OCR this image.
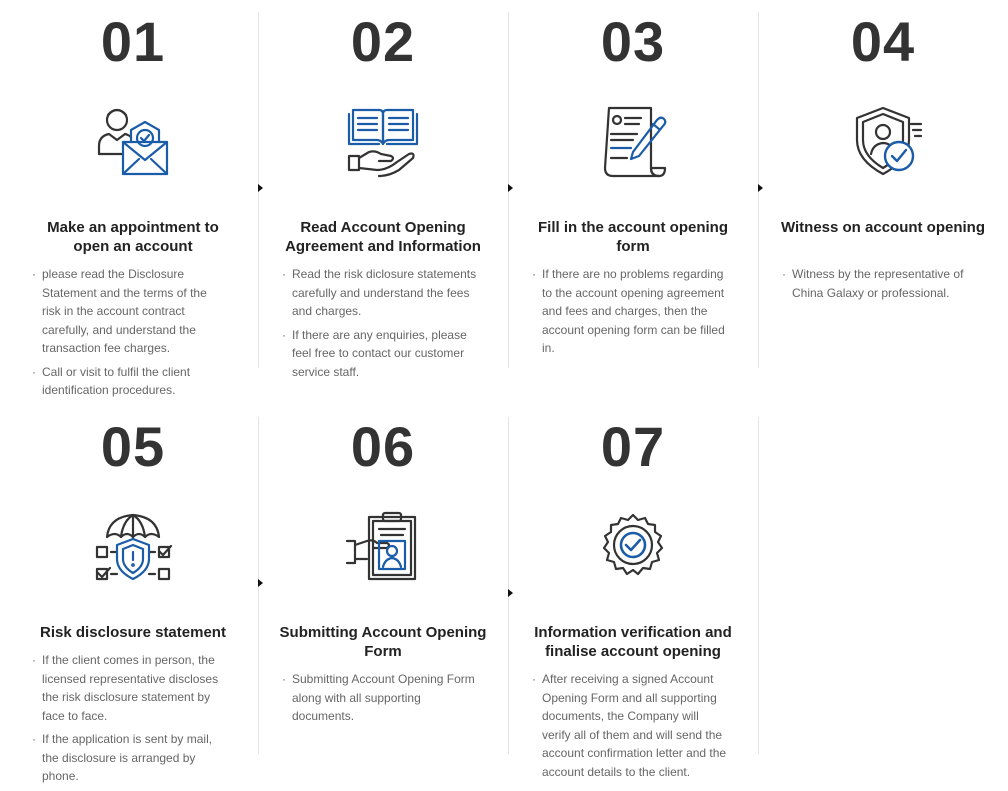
01
Make an appointment to open an account
· please read the Disclosure Statement and the terms of the risk in the account contract carefully, and understand the transaction fee charges.
· Call or visit to fulfil the client identification procedures.
02
Read Account Opening Agreement and Information
· Read the risk diclosure statements carefully and understand the fees and charges.
· If there are any enquiries, please feel free to contact our customer service staff.
03
Fill in the account opening form
· If there are no problems regarding to the account opening agreement and fees and charges, then the account opening form can be filled in.
04
Witness on account opening
· Witness by the representative of China Galaxy or professional.
05
Risk disclosure statement
· If the client comes in person, the licensed representative discloses the risk disclosure statement by face to face.
· If the application is sent by mail, the disclosure is arranged by phone.
06
Submitting Account Opening Form
· Submitting Account Opening Form along with all supporting documents.
07
Information verification and finalise account opening
· After receiving a signed Account Opening Form and all supporting documents, the Company will verify all of them and will send the account confirmation letter and the account details to the client.
